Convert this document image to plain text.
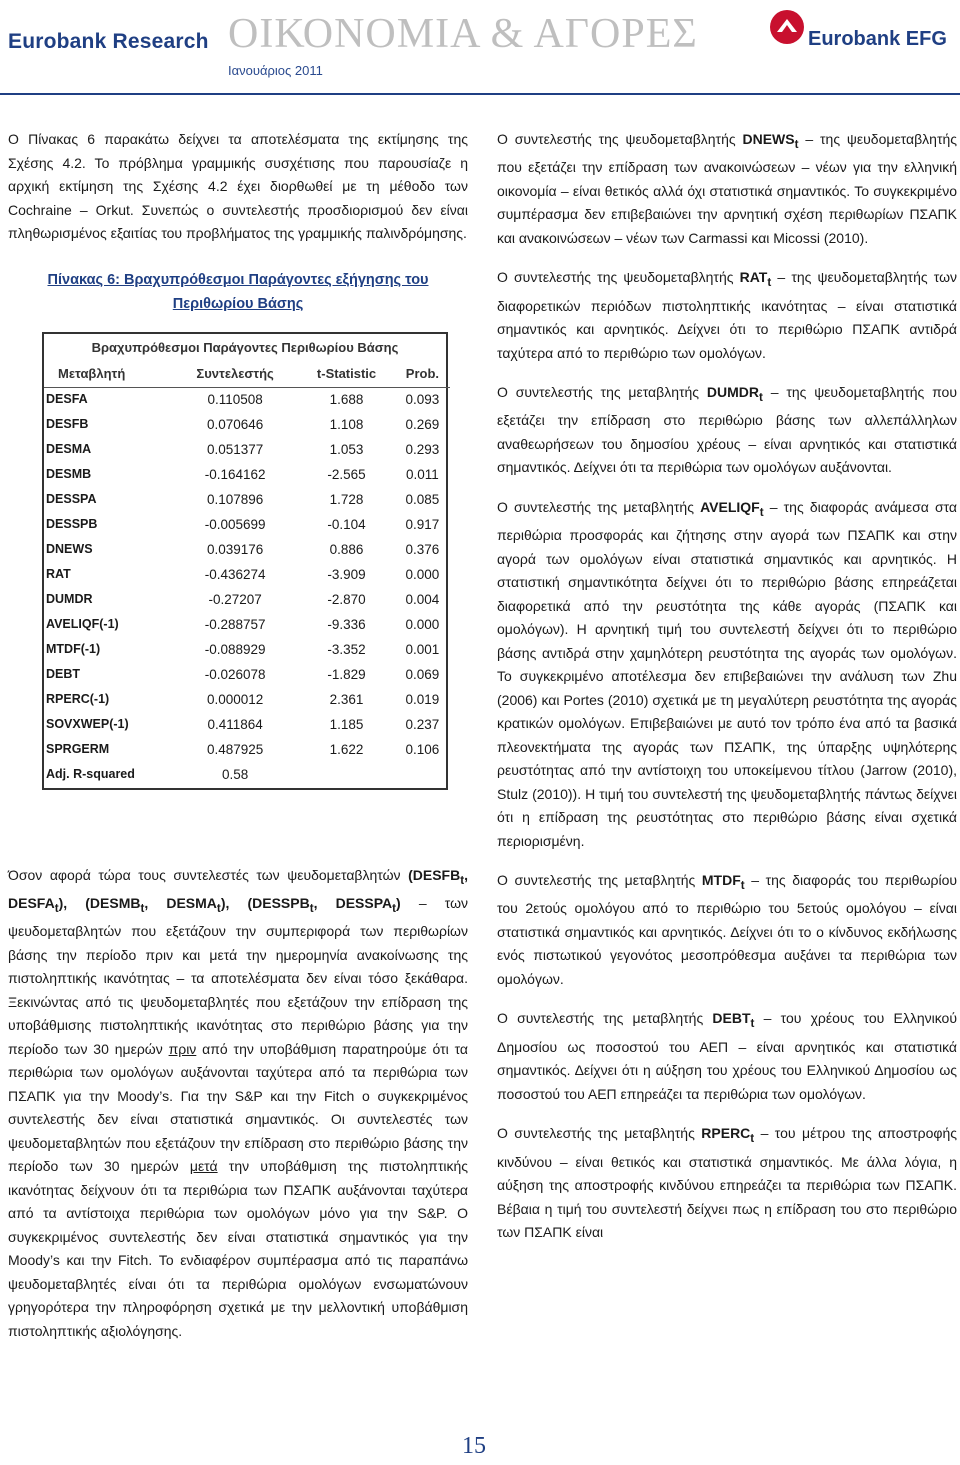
Eurobank Research ΟΙΚΟΝΟΜΙΑ & ΑΓΟΡΕΣ
Ιανουάριος 2011
Eurobank EFG

Ο Πίνακας 6 παρακάτω δείχνει τα αποτελέσματα της εκτίμησης της Σχέσης 4.2. Το πρόβλημα γραμμικής συσχέτισης που παρουσίαζε η αρχική εκτίμηση της Σχέσης 4.2 έχει διορθωθεί με τη μέθοδο των Cochraine – Orkut. Συνεπώς ο συντελεστής προσδιορισμού δεν είναι πληθωρισμένος εξαιτίας του προβλήματος της γραμμικής παλινδρόμησης.

Πίνακας 6: Βραχυπρόθεσμοι Παράγοντες εξήγησης του Περιθωρίου Βάσης
Βραχυπρόθεσμοι Παράγοντες Περιθωρίου Βάσης
Μεταβλητή	Συντελεστής	t-Statistic	Prob.
DESFA	0.110508	1.688	0.093
DESFB	0.070646	1.108	0.269
DESMA	0.051377	1.053	0.293
DESMB	-0.164162	-2.565	0.011
DESSPA	0.107896	1.728	0.085
DESSPB	-0.005699	-0.104	0.917
DNEWS	0.039176	0.886	0.376
RAT	-0.436274	-3.909	0.000
DUMDR	-0.27207	-2.870	0.004
AVELIQF(-1)	-0.288757	-9.336	0.000
MTDF(-1)	-0.088929	-3.352	0.001
DEBT	-0.026078	-1.829	0.069
RPERC(-1)	0.000012	2.361	0.019
SOVXWEP(-1)	0.411864	1.185	0.237
SPRGERM	0.487925	1.622	0.106
Adj. R-squared	0.58		

Όσον αφορά τώρα τους συντελεστές των ψευδομεταβλητών ($DESFB_t$, $DESFA_t$), ($DESMB_t$, $DESMA_t$), ($DESSPB_t$, $DESSPA_t$) – των ψευδομεταβλητών που εξετάζουν την συμπεριφορά των περιθωρίων βάσης την περίοδο πριν και μετά την ημερομηνία ανακοίνωσης της πιστοληπτικής ικανότητας – τα αποτελέσματα δεν είναι τόσο ξεκάθαρα. Ξεκινώντας από τις ψευδομεταβλητές που εξετάζουν την επίδραση της υποβάθμισης πιστοληπτικής ικανότητας στο περιθώριο βάσης για την περίοδο των 30 ημερών πριν από την υποβάθμιση παρατηρούμε ότι τα περιθώρια των ομολόγων αυξάνονται ταχύτερα από τα περιθώρια των ΠΣΑΠΚ για την Moody’s. Για την S&P και την Fitch ο συγκεκριμένος συντελεστής δεν είναι στατιστικά σημαντικός. Οι συντελεστές των ψευδομεταβλητών που εξετάζουν την επίδραση στο περιθώριο βάσης την περίοδο των 30 ημερών μετά την υποβάθμιση της πιστοληπτικής ικανότητας δείχνουν ότι τα περιθώρια των ΠΣΑΠΚ αυξάνονται ταχύτερα από τα αντίστοιχα περιθώρια των ομολόγων μόνο για την S&P. Ο συγκεκριμένος συντελεστής δεν είναι στατιστικά σημαντικός για την Moody’s και την Fitch. Το ενδιαφέρον συμπέρασμα από τις παραπάνω ψευδομεταβλητές είναι ότι τα περιθώρια ομολόγων ενσωματώνουν γρηγορότερα την πληροφόρηση σχετικά με την μελλοντική υποβάθμιση πιστοληπτικής αξιολόγησης.

Ο συντελεστής της ψευδομεταβλητής $DNEWS_t$ – της ψευδομεταβλητής που εξετάζει την επίδραση των ανακοινώσεων – νέων για την ελληνική οικονομία – είναι θετικός αλλά όχι στατιστικά σημαντικός. Το συγκεκριμένο συμπέρασμα δεν επιβεβαιώνει την αρνητική σχέση περιθωρίων ΠΣΑΠΚ και ανακοινώσεων – νέων των Carmassi και Micossi (2010).

Ο συντελεστής της ψευδομεταβλητής $RAT_t$ – της ψευδομεταβλητής των διαφορετικών περιόδων πιστοληπτικής ικανότητας – είναι στατιστικά σημαντικός και αρνητικός. Δείχνει ότι το περιθώριο ΠΣΑΠΚ αντιδρά ταχύτερα από το περιθώριο των ομολόγων.

Ο συντελεστής της μεταβλητής $DUMDR_t$ – της ψευδομεταβλητής που εξετάζει την επίδραση στο περιθώριο βάσης των αλλεπάλληλων αναθεωρήσεων του δημοσίου χρέους – είναι αρνητικός και στατιστικά σημαντικός. Δείχνει ότι τα περιθώρια των ομολόγων αυξάνονται.

Ο συντελεστής της μεταβλητής $AVELIQF_t$ – της διαφοράς ανάμεσα στα περιθώρια προσφοράς και ζήτησης στην αγορά των ΠΣΑΠΚ και στην αγορά των ομολόγων είναι στατιστικά σημαντικός και αρνητικός. Η στατιστική σημαντικότητα δείχνει ότι το περιθώριο βάσης επηρεάζεται διαφορετικά από την ρευστότητα της κάθε αγοράς (ΠΣΑΠΚ και ομολόγων). Η αρνητική τιμή του συντελεστή δείχνει ότι το περιθώριο βάσης αντιδρά στην χαμηλότερη ρευστότητα της αγοράς των ομολόγων. Το συγκεκριμένο αποτέλεσμα δεν επιβεβαιώνει την ανάλυση των Zhu (2006) και Portes (2010) σχετικά με τη μεγαλύτερη ρευστότητα της αγοράς κρατικών ομολόγων. Επιβεβαιώνει με αυτό τον τρόπο ένα από τα βασικά πλεονεκτήματα της αγοράς των ΠΣΑΠΚ, της ύπαρξης υψηλότερης ρευστότητας από την αντίστοιχη του υποκείμενου τίτλου (Jarrow (2010), Stulz (2010)). Η τιμή του συντελεστή της ψευδομεταβλητής πάντως δείχνει ότι η επίδραση της ρευστότητας στο περιθώριο βάσης είναι σχετικά περιορισμένη.

Ο συντελεστής της μεταβλητής $MTDF_t$ – της διαφοράς του περιθωρίου του 2ετούς ομολόγου από το περιθώριο του 5ετούς ομολόγου – είναι στατιστικά σημαντικός και αρνητικός. Δείχνει ότι το ο κίνδυνος εκδήλωσης ενός πιστωτικού γεγονότος μεσοπρόθεσμα αυξάνει τα περιθώρια των ομολόγων.

Ο συντελεστής της μεταβλητής $DEBT_t$ – του χρέους του Ελληνικού Δημοσίου ως ποσοστού του ΑΕΠ – είναι αρνητικός και στατιστικά σημαντικός. Δείχνει ότι η αύξηση του χρέους του Ελληνικού Δημοσίου ως ποσοστού του ΑΕΠ επηρεάζει τα περιθώρια των ομολόγων.

Ο συντελεστής της μεταβλητής $RPERC_t$ – του μέτρου της αποστροφής κινδύνου – είναι θετικός και στατιστικά σημαντικός. Με άλλα λόγια, η αύξηση της αποστροφής κινδύνου επηρεάζει τα περιθώρια των ΠΣΑΠΚ. Βέβαια η τιμή του συντελεστή δείχνει πως η επίδραση του στο περιθώριο των ΠΣΑΠΚ είναι

15
